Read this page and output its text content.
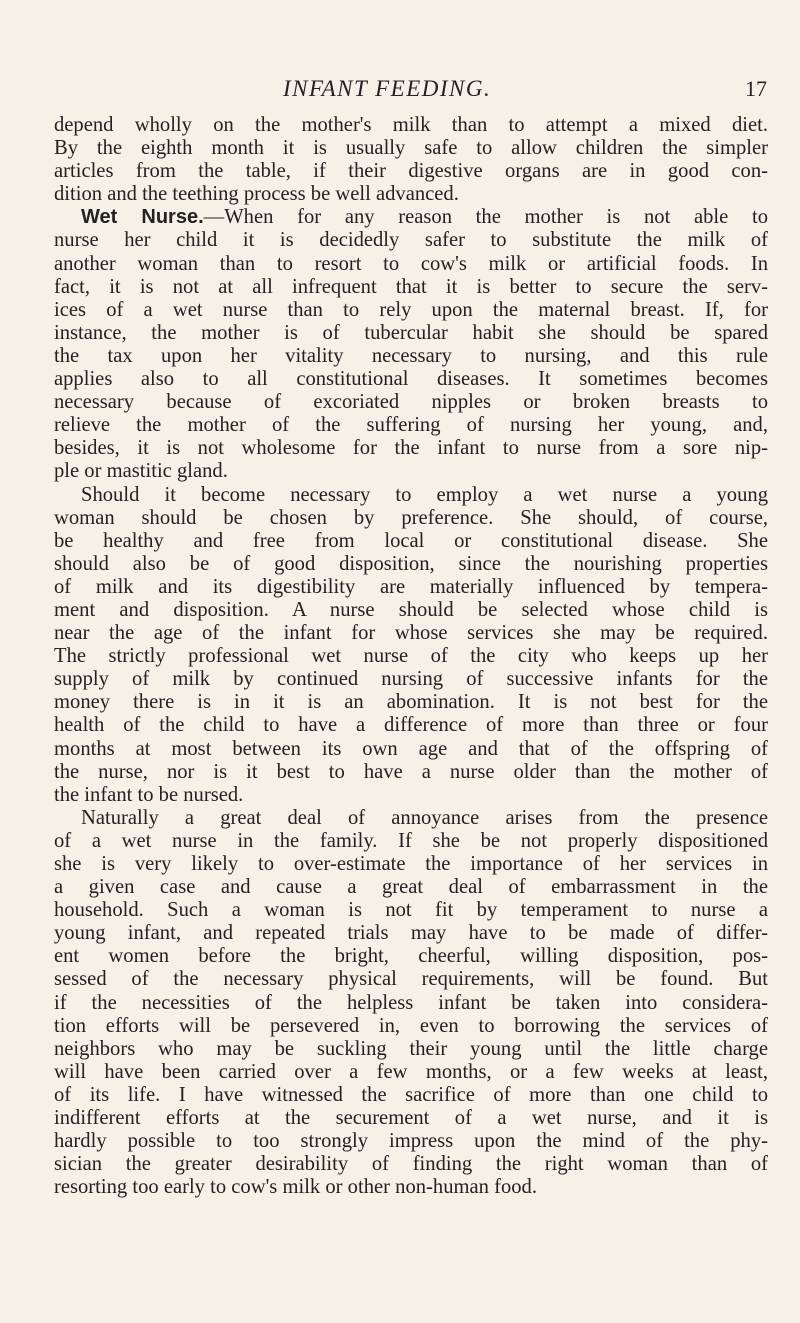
INFANT FEEDING.	17
depend wholly on the mother's milk than to attempt a mixed diet.
By the eighth month it is usually safe to allow children the simpler
articles from the table, if their digestive organs are in good con-
dition and the teething process be well advanced.
Wet Nurse.—When for any reason the mother is not able to
nurse her child it is decidedly safer to substitute the milk of
another woman than to resort to cow's milk or artificial foods. In
fact, it is not at all infrequent that it is better to secure the serv-
ices of a wet nurse than to rely upon the maternal breast. If, for
instance, the mother is of tubercular habit she should be spared
the tax upon her vitality necessary to nursing, and this rule
applies also to all constitutional diseases. It sometimes becomes
necessary because of excoriated nipples or broken breasts to
relieve the mother of the suffering of nursing her young, and,
besides, it is not wholesome for the infant to nurse from a sore nip-
ple or mastitic gland.
Should it become necessary to employ a wet nurse a young
woman should be chosen by preference. She should, of course,
be healthy and free from local or constitutional disease. She
should also be of good disposition, since the nourishing properties
of milk and its digestibility are materially influenced by tempera-
ment and disposition. A nurse should be selected whose child is
near the age of the infant for whose services she may be required.
The strictly professional wet nurse of the city who keeps up her
supply of milk by continued nursing of successive infants for the
money there is in it is an abomination. It is not best for the
health of the child to have a difference of more than three or four
months at most between its own age and that of the offspring of
the nurse, nor is it best to have a nurse older than the mother of
the infant to be nursed.
Naturally a great deal of annoyance arises from the presence
of a wet nurse in the family. If she be not properly dispositioned
she is very likely to over-estimate the importance of her services in
a given case and cause a great deal of embarrassment in the
household. Such a woman is not fit by temperament to nurse a
young infant, and repeated trials may have to be made of differ-
ent women before the bright, cheerful, willing disposition, pos-
sessed of the necessary physical requirements, will be found. But
if the necessities of the helpless infant be taken into considera-
tion efforts will be persevered in, even to borrowing the services of
neighbors who may be suckling their young until the little charge
will have been carried over a few months, or a few weeks at least,
of its life. I have witnessed the sacrifice of more than one child to
indifferent efforts at the securement of a wet nurse, and it is
hardly possible to too strongly impress upon the mind of the phy-
sician the greater desirability of finding the right woman than of
resorting too early to cow's milk or other non-human food.
